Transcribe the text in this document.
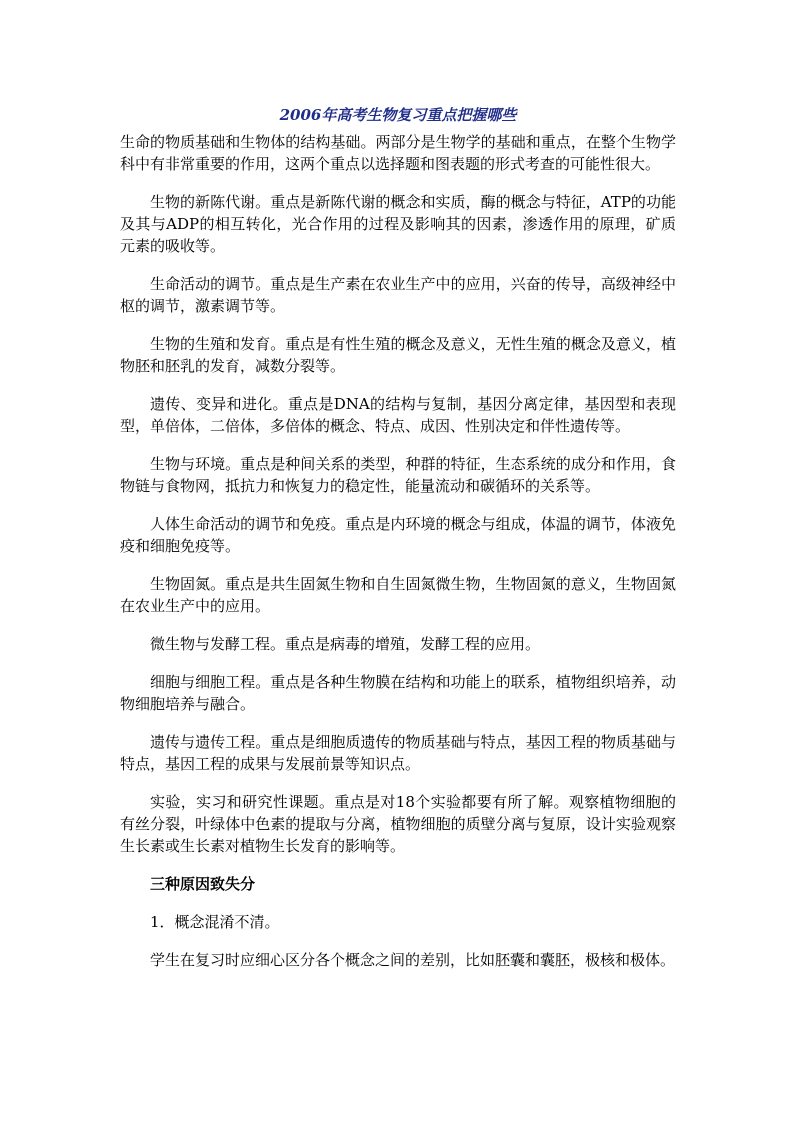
2006年高考生物复习重点把握哪些
生命的物质基础和生物体的结构基础。两部分是生物学的基础和重点，在整个生物学科中有非常重要的作用，这两个重点以选择题和图表题的形式考查的可能性很大。
生物的新陈代谢。重点是新陈代谢的概念和实质，酶的概念与特征，ATP的功能及其与ADP的相互转化，光合作用的过程及影响其的因素，渗透作用的原理，矿质元素的吸收等。
生命活动的调节。重点是生产素在农业生产中的应用，兴奋的传导，高级神经中枢的调节，激素调节等。
生物的生殖和发育。重点是有性生殖的概念及意义，无性生殖的概念及意义，植物胚和胚乳的发育，减数分裂等。
遗传、变异和进化。重点是DNA的结构与复制，基因分离定律，基因型和表现型，单倍体，二倍体，多倍体的概念、特点、成因、性别决定和伴性遗传等。
生物与环境。重点是种间关系的类型，种群的特征，生态系统的成分和作用，食物链与食物网，抵抗力和恢复力的稳定性，能量流动和碳循环的关系等。
人体生命活动的调节和免疫。重点是内环境的概念与组成，体温的调节，体液免疫和细胞免疫等。
生物固氮。重点是共生固氮生物和自生固氮微生物，生物固氮的意义，生物固氮在农业生产中的应用。
微生物与发酵工程。重点是病毒的增殖，发酵工程的应用。
细胞与细胞工程。重点是各种生物膜在结构和功能上的联系，植物组织培养，动物细胞培养与融合。
遗传与遗传工程。重点是细胞质遗传的物质基础与特点，基因工程的物质基础与特点，基因工程的成果与发展前景等知识点。
实验，实习和研究性课题。重点是对18个实验都要有所了解。观察植物细胞的有丝分裂，叶绿体中色素的提取与分离，植物细胞的质壁分离与复原，设计实验观察生长素或生长素对植物生长发育的影响等。
三种原因致失分
1．概念混淆不清。
学生在复习时应细心区分各个概念之间的差别，比如胚囊和囊胚，极核和极体。
